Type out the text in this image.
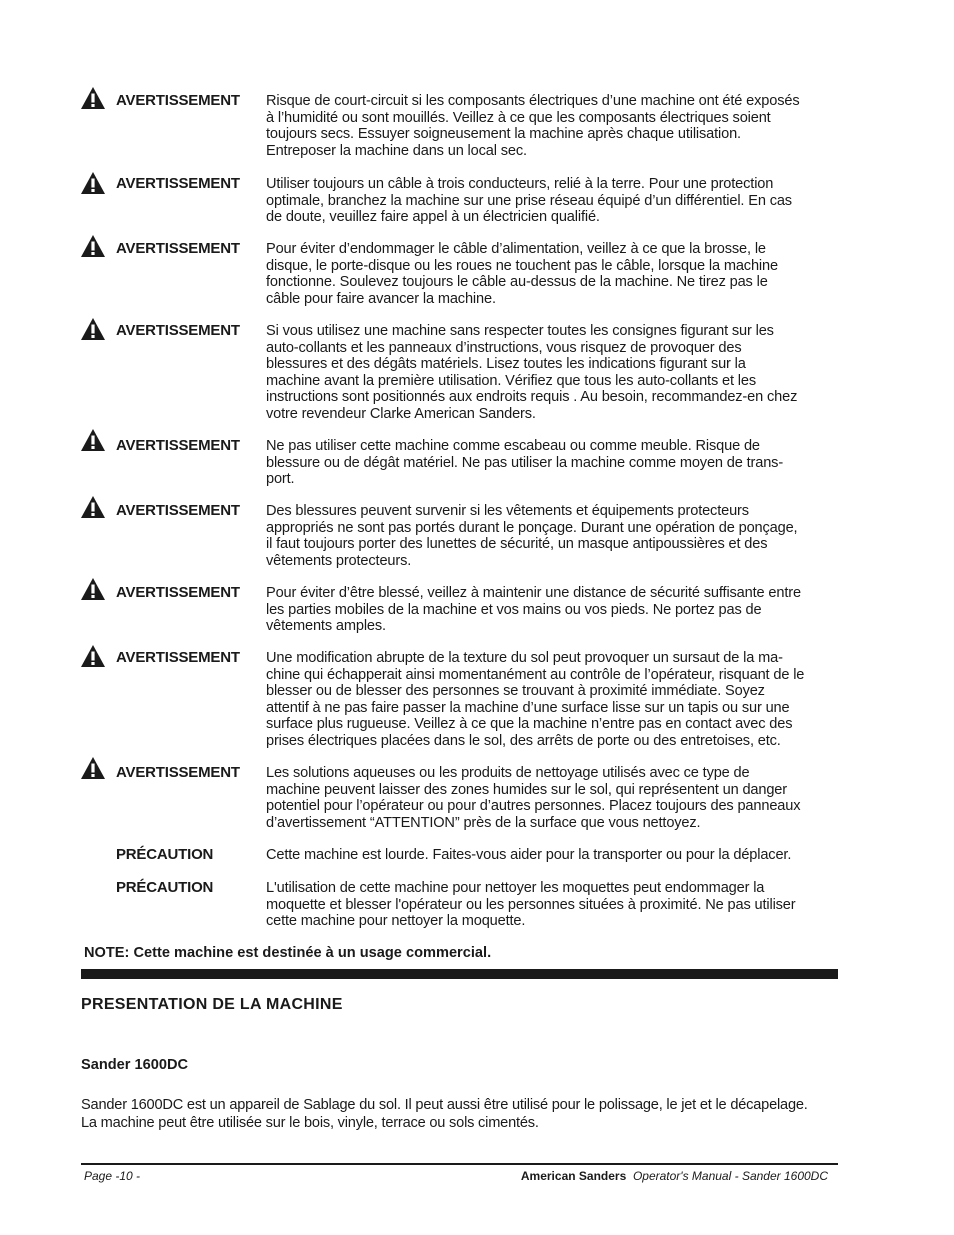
AVERTISSEMENT Risque de court-circuit si les composants électriques d’une machine ont été exposés
à l’humidité ou sont mouillés. Veillez à ce que les composants électriques soient
toujours secs. Essuyer soigneusement la machine après chaque utilisation.
Entreposer la machine dans un local sec.
AVERTISSEMENT Utiliser toujours un câble à trois conducteurs, relié à la terre. Pour une protection
optimale, branchez la machine sur une prise réseau équipé d’un différentiel. En cas
de doute, veuillez faire appel à un électricien qualifié.
AVERTISSEMENT Pour éviter d’endommager le câble d’alimentation, veillez à ce que la brosse, le
disque, le porte-disque ou les roues ne touchent pas le câble, lorsque la machine
fonctionne. Soulevez toujours le câble au-dessus de la machine. Ne tirez pas le
câble pour faire avancer la machine.
AVERTISSEMENT Si vous utilisez une machine sans respecter toutes les consignes figurant sur les
auto-collants et les panneaux d’instructions, vous risquez de provoquer des
blessures et des dégâts matériels. Lisez toutes les indications figurant sur la
machine avant la première utilisation. Vérifiez que tous les auto-collants et les
instructions sont positionnés aux endroits requis . Au besoin, recommandez-en chez
votre revendeur Clarke American Sanders.
AVERTISSEMENT Ne pas utiliser cette machine comme escabeau ou comme meuble. Risque de
blessure ou de dégât matériel. Ne pas utiliser la machine comme moyen de trans-
port.
AVERTISSEMENT Des blessures peuvent survenir si les vêtements et équipements protecteurs
appropriés ne sont pas portés durant le ponçage. Durant une opération de ponçage,
il faut toujours porter des lunettes de sécurité, un masque antipoussières et des
vêtements protecteurs.
AVERTISSEMENT Pour éviter d’être blessé, veillez à maintenir une distance de sécurité suffisante entre
les parties mobiles de la machine et vos mains ou vos pieds. Ne portez pas de
vêtements amples.
AVERTISSEMENT Une modification abrupte de la texture du sol peut provoquer un sursaut de la ma-
chine qui échapperait ainsi momentanément au contrôle de l’opérateur, risquant de le
blesser ou de blesser des personnes se trouvant à proximité immédiate. Soyez
attentif à ne pas faire passer la machine d’une surface lisse sur un tapis ou sur une
surface plus rugueuse. Veillez à ce que la machine n’entre pas en contact avec des
prises électriques placées dans le sol, des arrêts de porte ou des entretoises, etc.
AVERTISSEMENT Les solutions aqueuses ou les produits de nettoyage utilisés avec ce type de
machine peuvent laisser des zones humides sur le sol, qui représentent un danger
potentiel pour l’opérateur ou pour d’autres personnes. Placez toujours des panneaux
d’avertissement “ATTENTION” près de la surface que vous nettoyez.
PRÉCAUTION	Cette machine est lourde. Faites-vous aider pour la transporter ou pour la déplacer.
PRÉCAUTION	L'utilisation de cette machine pour nettoyer les moquettes peut endommager la
moquette et blesser l'opérateur ou les personnes situées à proximité. Ne pas utiliser
cette machine pour nettoyer la moquette.
NOTE: Cette machine est destinée à un usage commercial.
PRESENTATION DE LA MACHINE
Sander 1600DC
Sander 1600DC est un appareil de Sablage du sol. Il peut aussi être utilisé pour le polissage, le jet et le décapelage.
La machine peut être utilisée sur le bois, vinyle, terrace ou sols cimentés.
Page -10 -	American Sanders Operator's Manual - Sander 1600DC
